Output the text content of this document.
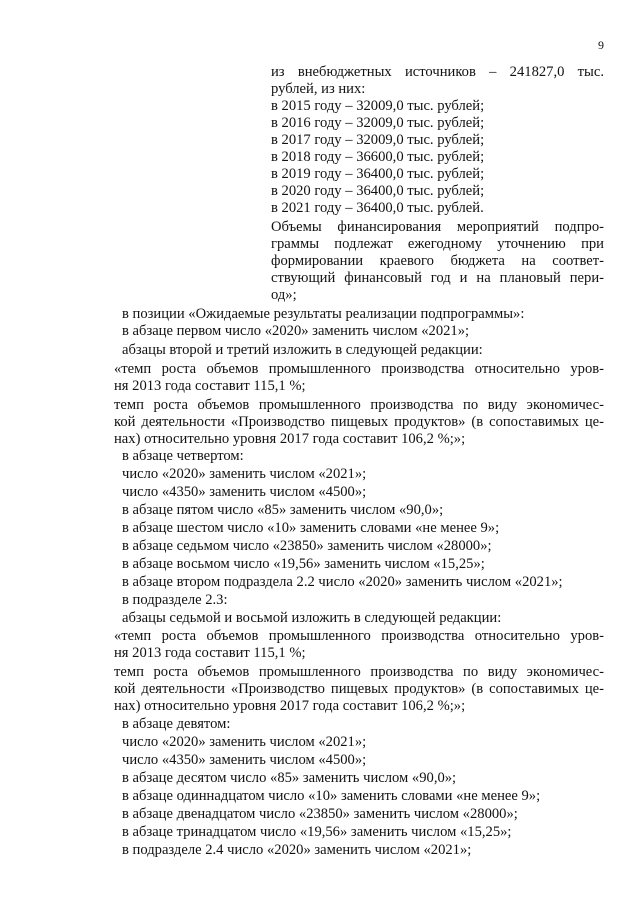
9
из внебюджетных источников – 241827,0 тыс.
рублей, из них:
в 2015 году – 32009,0 тыс. рублей;
в 2016 году – 32009,0 тыс. рублей;
в 2017 году – 32009,0 тыс. рублей;
в 2018 году – 36600,0 тыс. рублей;
в 2019 году – 36400,0 тыс. рублей;
в 2020 году – 36400,0 тыс. рублей;
в 2021 году – 36400,0 тыс. рублей.
Объемы финансирования мероприятий подпро-
граммы подлежат ежегодному уточнению при
формировании краевого бюджета на соответ-
ствующий финансовый год и на плановый пери-
од»;
в позиции «Ожидаемые результаты реализации подпрограммы»:
в абзаце первом число «2020» заменить числом «2021»;
абзацы второй и третий изложить в следующей редакции:
«темп роста объемов промышленного производства относительно уров-
ня 2013 года составит 115,1 %;
темп роста объемов промышленного производства по виду экономичес-
кой деятельности «Производство пищевых продуктов» (в сопоставимых це-
нах) относительно уровня 2017 года составит 106,2 %;»;
в абзаце четвертом:
число «2020» заменить числом «2021»;
число «4350» заменить числом «4500»;
в абзаце пятом число «85» заменить числом «90,0»;
в абзаце шестом число «10» заменить словами «не менее 9»;
в абзаце седьмом число «23850» заменить числом «28000»;
в абзаце восьмом число «19,56» заменить числом «15,25»;
в абзаце втором подраздела 2.2 число «2020» заменить числом «2021»;
в подразделе 2.3:
абзацы седьмой и восьмой изложить в следующей редакции:
«темп роста объемов промышленного производства относительно уров-
ня 2013 года составит 115,1 %;
темп роста объемов промышленного производства по виду экономичес-
кой деятельности «Производство пищевых продуктов» (в сопоставимых це-
нах) относительно уровня 2017 года составит 106,2 %;»;
в абзаце девятом:
число «2020» заменить числом «2021»;
число «4350» заменить числом «4500»;
в абзаце десятом число «85» заменить числом «90,0»;
в абзаце одиннадцатом число «10» заменить словами «не менее 9»;
в абзаце двенадцатом число «23850» заменить числом «28000»;
в абзаце тринадцатом число «19,56» заменить числом «15,25»;
в подразделе 2.4 число «2020» заменить числом «2021»;
